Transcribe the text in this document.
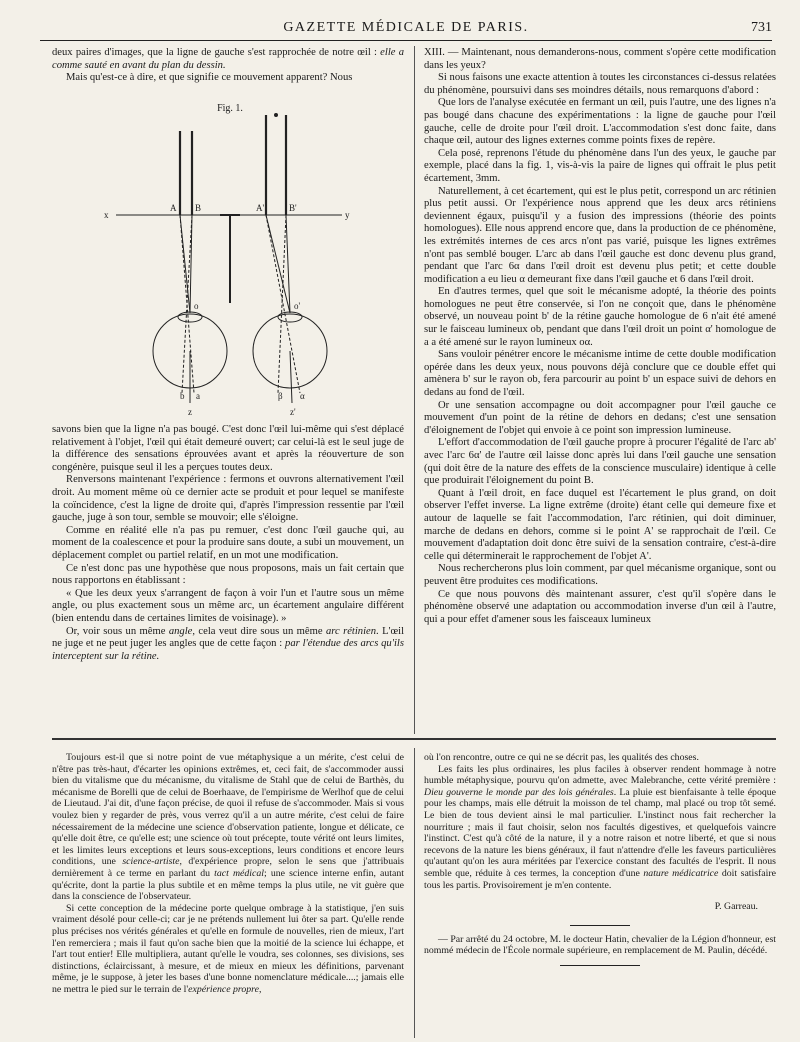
GAZETTE MÉDICALE DE PARIS.	731

deux paires d'images, que la ligne de gauche s'est rapprochée de notre œil : elle a comme sauté en avant du plan du dessin.

Mais qu'est-ce à dire, et que signifie ce mouvement apparent? Nous

Fig. 1.
x	y
A B	A'	B'
o	o'
b a	β α
z	z'

savons bien que la ligne n'a pas bougé. C'est donc l'œil lui-même qui s'est déplacé relativement à l'objet, l'œil qui était demeuré ouvert; car celui-là est le seul juge de la différence des sensations éprouvées avant et après la réouverture de son congénère, puisque seul il les a perçues toutes deux.

Renversons maintenant l'expérience : fermons et ouvrons alternativement l'œil droit. Au moment même où ce dernier acte se produit et pour lequel se manifeste la coïncidence, c'est la ligne de droite qui, d'après l'impression ressentie par l'œil gauche, juge à son tour, semble se mouvoir; elle s'éloigne.

Comme en réalité elle n'a pas pu remuer, c'est donc l'œil gauche qui, au moment de la coalescence et pour la produire sans doute, a subi un mouvement, un déplacement complet ou partiel relatif, en un mot une modification.

Ce n'est donc pas une hypothèse que nous proposons, mais un fait certain que nous rapportons en établissant :

« Que les deux yeux s'arrangent de façon à voir l'un et l'autre sous un même angle, ou plus exactement sous un même arc, un écartement angulaire différent (bien entendu dans de certaines limites de voisinage). »

Or, voir sous un même angle, cela veut dire sous un même arc rétinien. L'œil ne juge et ne peut juger les angles que de cette façon : par l'étendue des arcs qu'ils interceptent sur la rétine.

XIII. — Maintenant, nous demanderons-nous, comment s'opère cette modification dans les yeux?

Si nous faisons une exacte attention à toutes les circonstances ci-dessus relatées du phénomène, poursuivi dans ses moindres détails, nous remarquons d'abord :

Que lors de l'analyse exécutée en fermant un œil, puis l'autre, une des lignes n'a pas bougé dans chacune des expérimentations : la ligne de gauche pour l'œil gauche, celle de droite pour l'œil droit. L'accommodation s'est donc faite, dans chaque œil, autour des lignes externes comme points fixes de repère.

Cela posé, reprenons l'étude du phénomène dans l'un des yeux, le gauche par exemple, placé dans la fig. 1, vis-à-vis la paire de lignes qui offrait le plus petit écartement, 3mm.

Naturellement, à cet écartement, qui est le plus petit, correspond un arc rétinien plus petit aussi. Or l'expérience nous apprend que les deux arcs rétiniens deviennent égaux, puisqu'il y a fusion des impressions (théorie des points homologues). Elle nous apprend encore que, dans la production de ce phénomène, les extrémités internes de ces arcs n'ont pas varié, puisque les lignes extrêmes n'ont pas semblé bouger. L'arc ab dans l'œil gauche est donc devenu plus grand, pendant que l'arc 6α dans l'œil droit est devenu plus petit; et cette double modification a eu lieu α demeurant fixe dans l'œil gauche et 6 dans l'œil droit.

En d'autres termes, quel que soit le mécanisme adopté, la théorie des points homologues ne peut être conservée, si l'on ne conçoit que, dans le phénomène observé, un nouveau point b' de la rétine gauche homologue de 6 n'ait été amené sur le faisceau lumineux ob, pendant que dans l'œil droit un point α' homologue de a a été amené sur le rayon lumineux oα.

Sans vouloir pénétrer encore le mécanisme intime de cette double modification opérée dans les deux yeux, nous pouvons déjà conclure que ce double effet qui amènera b' sur le rayon ob, fera parcourir au point b' un espace suivi de dehors en dedans au fond de l'œil.

Or une sensation accompagne ou doit accompagner pour l'œil gauche ce mouvement d'un point de la rétine de dehors en dedans; c'est une sensation d'éloignement de l'objet qui envoie à ce point son impression lumineuse.

L'effort d'accommodation de l'œil gauche propre à procurer l'égalité de l'arc ab' avec l'arc 6α' de l'autre œil laisse donc après lui dans l'œil gauche une sensation (qui doit être de la nature des effets de la conscience musculaire) identique à celle que produirait l'éloignement du point B.

Quant à l'œil droit, en face duquel est l'écartement le plus grand, on doit observer l'effet inverse. La ligne extrême (droite) étant celle qui demeure fixe et autour de laquelle se fait l'accommodation, l'arc rétinien, qui doit diminuer, marche de dedans en dehors, comme si le point A' se rapprochait de l'œil. Ce mouvement d'adaptation doit donc être suivi de la sensation contraire, c'est-à-dire celle qui déterminerait le rapprochement de l'objet A'.

Nous rechercherons plus loin comment, par quel mécanisme organique, sont ou peuvent être produites ces modifications.

Ce que nous pouvons dès maintenant assurer, c'est qu'il s'opère dans le phénomène observé une adaptation ou accommodation inverse d'un œil à l'autre, qui a pour effet d'amener sous les faisceaux lumineux

Toujours est-il que si notre point de vue métaphysique a un mérite, c'est celui de n'être pas très-haut, d'écarter les opinions extrêmes, et, ceci fait, de s'accommoder aussi bien du vitalisme que du mécanisme, du vitalisme de Stahl que de celui de Barthès, du mécanisme de Borelli que de celui de Boerhaave, de l'empirisme de Werlhof que de celui de Lieutaud. J'ai dit, d'une façon précise, de quoi il refuse de s'accommoder. Mais si vous voulez bien y regarder de près, vous verrez qu'il a un autre mérite, c'est celui de faire nécessairement de la médecine une science d'observation patiente, longue et délicate, ce qu'elle doit être, ce qu'elle est; une science où tout précepte, toute vérité ont leurs limites, et les limites leurs exceptions et leurs sous-exceptions, leurs conditions et encore leurs conditions, une science-artiste, d'expérience propre, selon le sens que j'attribuais dernièrement à ce terme en parlant du tact médical; une science interne enfin, autant qu'écrite, dont la partie la plus subtile et en même temps la plus utile, ne vit guère que dans la conscience de l'observateur.

Si cette conception de la médecine porte quelque ombrage à la statistique, j'en suis vraiment désolé pour celle-ci; car je ne prétends nullement lui ôter sa part. Qu'elle rende plus précises nos vérités générales et qu'elle en formule de nouvelles, rien de mieux, l'art l'en remerciera ; mais il faut qu'on sache bien que la moitié de la science lui échappe, et l'art tout entier! Elle multipliera, autant qu'elle le voudra, ses colonnes, ses divisions, ses distinctions, éclaircissant, à mesure, et de mieux en mieux les définitions, parvenant même, je le suppose, à jeter les bases d'une bonne nomenclature médicale....; jamais elle ne mettra le pied sur le terrain de l'expérience propre,

où l'on rencontre, outre ce qui ne se décrit pas, les qualités des choses.

Les faits les plus ordinaires, les plus faciles à observer rendent hommage à notre humble métaphysique, pourvu qu'on admette, avec Malebranche, cette vérité première : Dieu gouverne le monde par des lois générales. La pluie est bienfaisante à telle époque pour les champs, mais elle détruit la moisson de tel champ, mal placé ou trop tôt semé. Le bien de tous devient ainsi le mal particulier. L'instinct nous fait rechercher la nourriture ; mais il faut choisir, selon nos facultés digestives, et quelquefois vaincre l'instinct. C'est qu'à côté de la nature, il y a notre raison et notre liberté, et que si nous recevons de la nature les biens généraux, il faut n'attendre d'elle les faveurs particulières qu'autant qu'on les aura méritées par l'exercice constant des facultés de l'esprit. Il nous semble que, réduite à ces termes, la conception d'une nature médicatrice doit satisfaire tous les partis. Provisoirement je m'en contente.

P. Garreau.

— Par arrêté du 24 octobre, M. le docteur Hatin, chevalier de la Légion d'honneur, est nommé médecin de l'École normale supérieure, en remplacement de M. Paulin, décédé.
